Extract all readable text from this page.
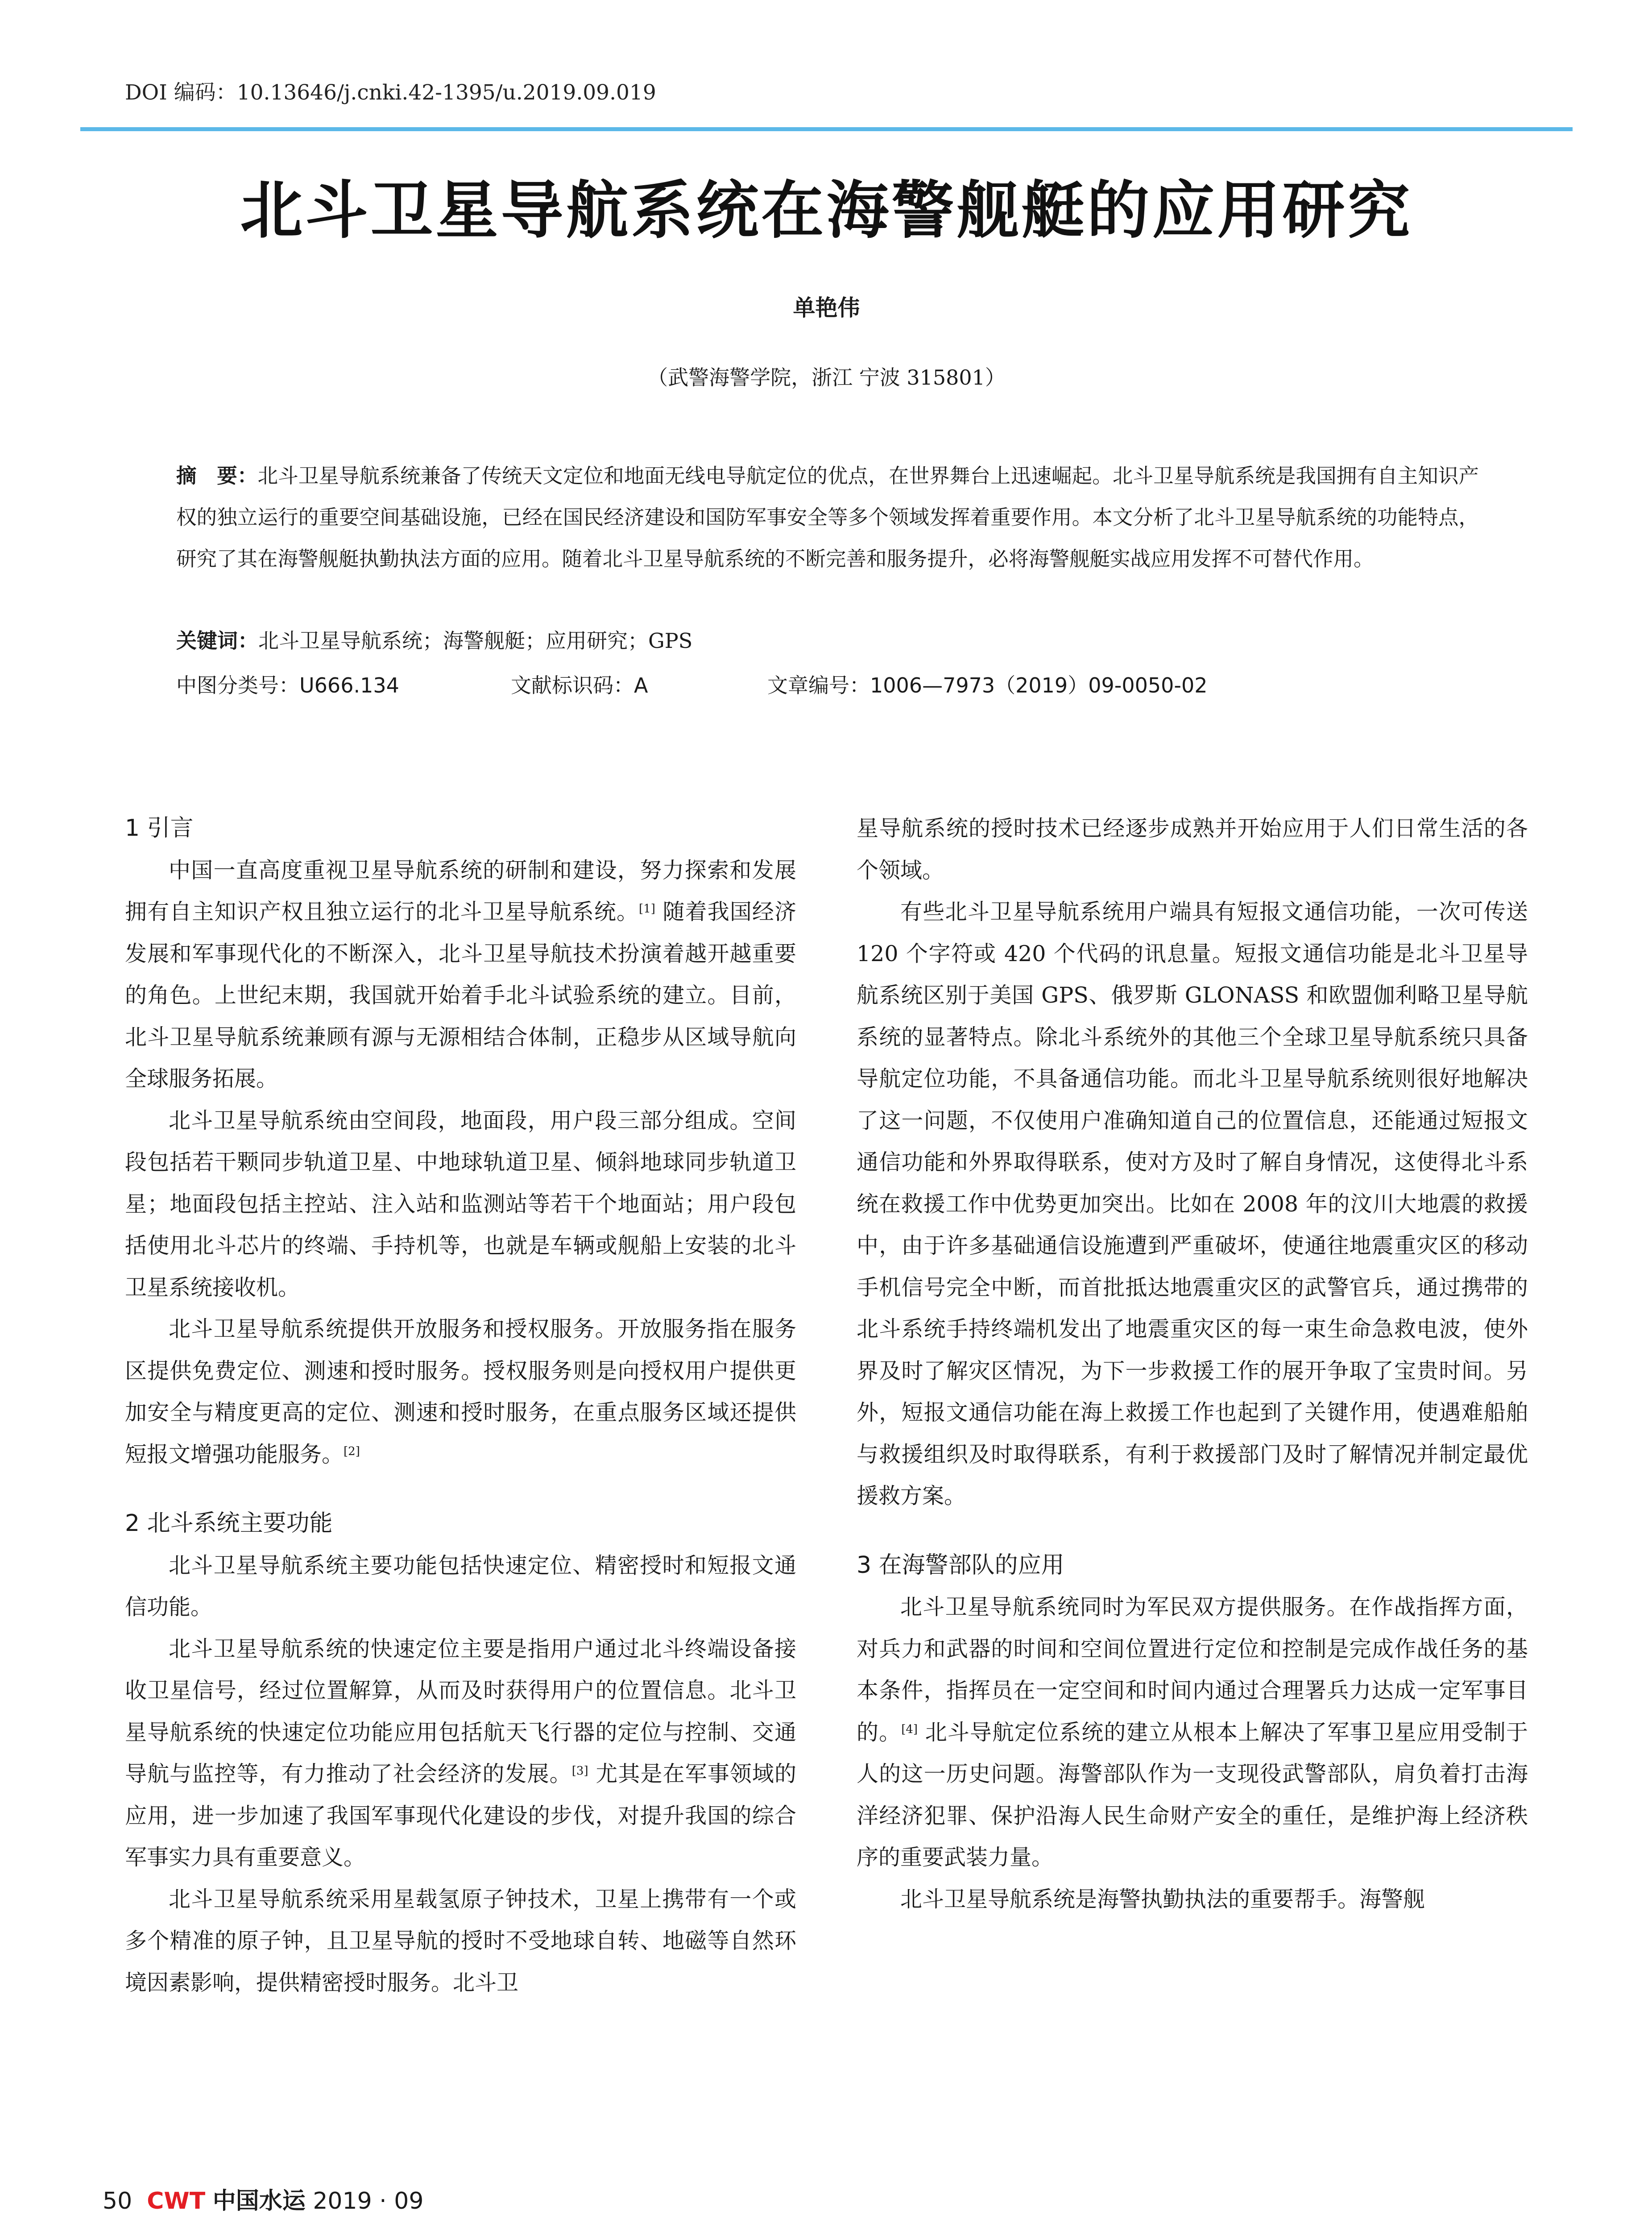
DOI 编码：10.13646/j.cnki.42-1395/u.2019.09.019
北斗卫星导航系统在海警舰艇的应用研究
单艳伟
（武警海警学院，浙江 宁波 315801）
摘　要：北斗卫星导航系统兼备了传统天文定位和地面无线电导航定位的优点，在世界舞台上迅速崛起。北斗卫星导航系统是我国拥有自主知识产权的独立运行的重要空间基础设施，已经在国民经济建设和国防军事安全等多个领域发挥着重要作用。本文分析了北斗卫星导航系统的功能特点，研究了其在海警舰艇执勤执法方面的应用。随着北斗卫星导航系统的不断完善和服务提升，必将海警舰艇实战应用发挥不可替代作用。
关键词：北斗卫星导航系统；海警舰艇；应用研究；GPS
中图分类号：U666.134	文献标识码：A	文章编号：1006—7973（2019）09-0050-02
1 引言

中国一直高度重视卫星导航系统的研制和建设，努力探索和发展拥有自主知识产权且独立运行的北斗卫星导航系统。[1] 随着我国经济发展和军事现代化的不断深入，北斗卫星导航技术扮演着越开越重要的角色。上世纪末期，我国就开始着手北斗试验系统的建立。目前，北斗卫星导航系统兼顾有源与无源相结合体制，正稳步从区域导航向全球服务拓展。

北斗卫星导航系统由空间段，地面段，用户段三部分组成。空间段包括若干颗同步轨道卫星、中地球轨道卫星、倾斜地球同步轨道卫星；地面段包括主控站、注入站和监测站等若干个地面站；用户段包括使用北斗芯片的终端、手持机等，也就是车辆或舰船上安装的北斗卫星系统接收机。

北斗卫星导航系统提供开放服务和授权服务。开放服务指在服务区提供免费定位、测速和授时服务。授权服务则是向授权用户提供更加安全与精度更高的定位、测速和授时服务，在重点服务区域还提供短报文增强功能服务。[2]

2 北斗系统主要功能

北斗卫星导航系统主要功能包括快速定位、精密授时和短报文通信功能。

北斗卫星导航系统的快速定位主要是指用户通过北斗终端设备接收卫星信号，经过位置解算，从而及时获得用户的位置信息。北斗卫星导航系统的快速定位功能应用包括航天飞行器的定位与控制、交通导航与监控等，有力推动了社会经济的发展。[3] 尤其是在军事领域的应用，进一步加速了我国军事现代化建设的步伐，对提升我国的综合军事实力具有重要意义。

北斗卫星导航系统采用星载氢原子钟技术，卫星上携带有一个或多个精准的原子钟，且卫星导航的授时不受地球自转、地磁等自然环境因素影响，提供精密授时服务。北斗卫

星导航系统的授时技术已经逐步成熟并开始应用于人们日常生活的各个领域。

有些北斗卫星导航系统用户端具有短报文通信功能，一次可传送 120 个字符或 420 个代码的讯息量。短报文通信功能是北斗卫星导航系统区别于美国 GPS、俄罗斯 GLONASS 和欧盟伽利略卫星导航系统的显著特点。除北斗系统外的其他三个全球卫星导航系统只具备导航定位功能，不具备通信功能。而北斗卫星导航系统则很好地解决了这一问题，不仅使用户准确知道自己的位置信息，还能通过短报文通信功能和外界取得联系，使对方及时了解自身情况，这使得北斗系统在救援工作中优势更加突出。比如在 2008 年的汶川大地震的救援中，由于许多基础通信设施遭到严重破坏，使通往地震重灾区的移动手机信号完全中断，而首批抵达地震重灾区的武警官兵，通过携带的北斗系统手持终端机发出了地震重灾区的每一束生命急救电波，使外界及时了解灾区情况，为下一步救援工作的展开争取了宝贵时间。另外，短报文通信功能在海上救援工作也起到了关键作用，使遇难船舶与救援组织及时取得联系，有利于救援部门及时了解情况并制定最优援救方案。

3 在海警部队的应用

北斗卫星导航系统同时为军民双方提供服务。在作战指挥方面，对兵力和武器的时间和空间位置进行定位和控制是完成作战任务的基本条件，指挥员在一定空间和时间内通过合理署兵力达成一定军事目的。[4] 北斗导航定位系统的建立从根本上解决了军事卫星应用受制于人的这一历史问题。海警部队作为一支现役武警部队，肩负着打击海洋经济犯罪、保护沿海人民生命财产安全的重任，是维护海上经济秩序的重要武装力量。

北斗卫星导航系统是海警执勤执法的重要帮手。海警舰

50 CWT 中国水运 2019 · 09
